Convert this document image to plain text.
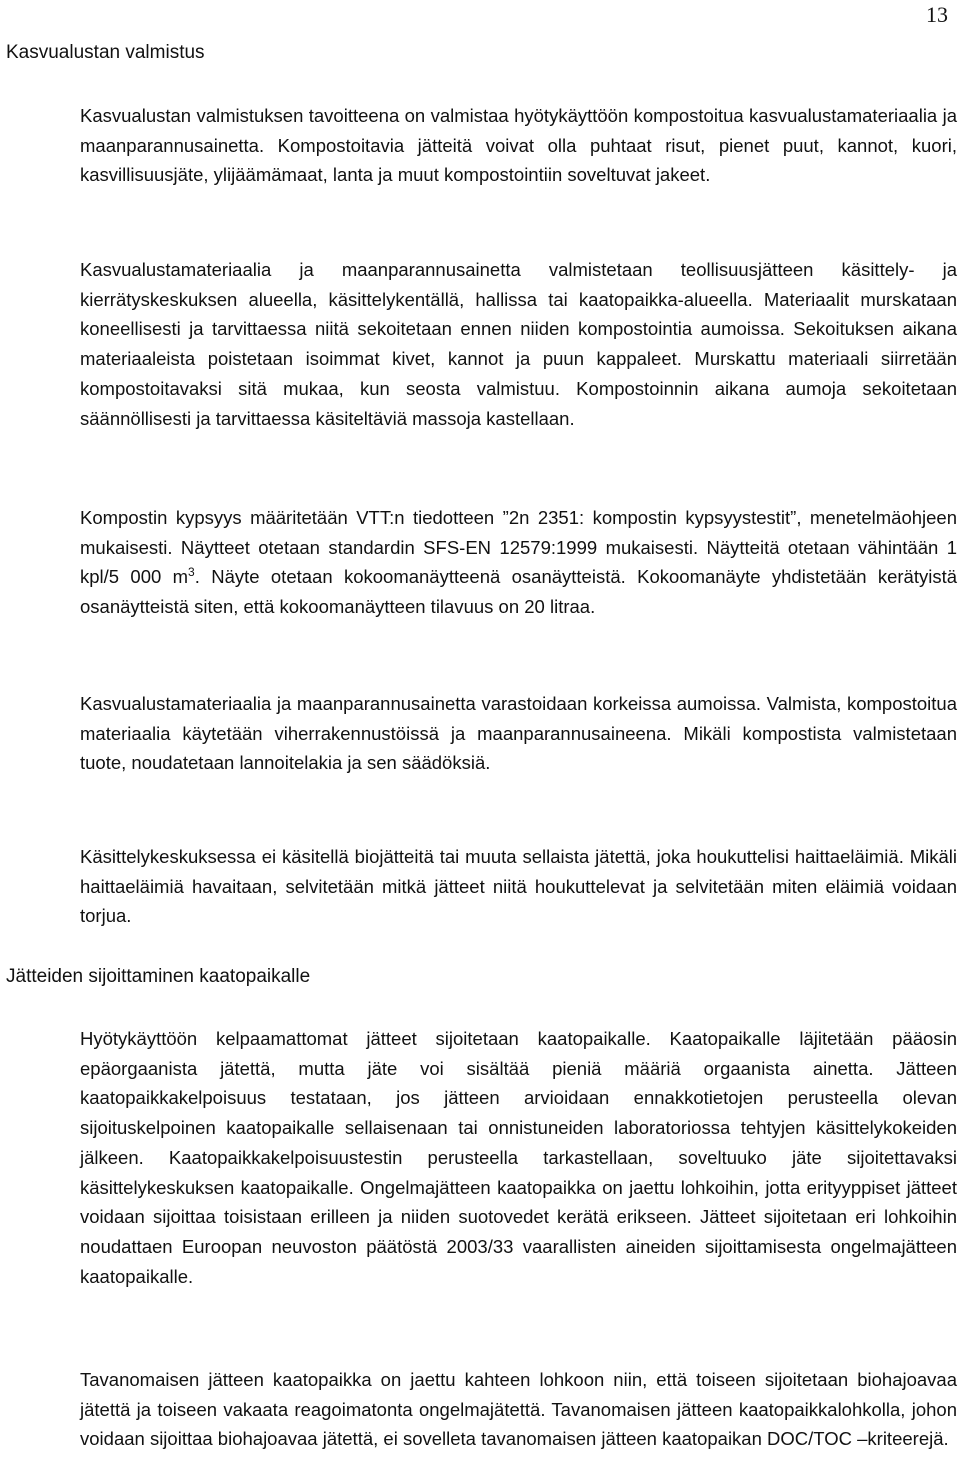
13
Kasvualustan valmistus

Kasvualustan valmistuksen tavoitteena on valmistaa hyötykäyttöön kompostoitua kasvualustamateriaalia ja maanparannusainetta. Kompostoitavia jätteitä voivat olla puhtaat risut, pienet puut, kannot, kuori, kasvillisuusjäte, ylijäämämaat, lanta ja muut kompostointiin soveltuvat jakeet.

Kasvualustamateriaalia ja maanparannusainetta valmistetaan teollisuusjätteen käsittely- ja kierrätyskeskuksen alueella, käsittelykentällä, hallissa tai kaatopaikka-alueella. Materiaalit murskataan koneellisesti ja tarvittaessa niitä sekoitetaan ennen niiden kompostointia aumoissa. Sekoituksen aikana materiaaleista poistetaan isoimmat kivet, kannot ja puun kappaleet. Murskattu materiaali siirretään kompostoitavaksi sitä mukaa, kun seosta valmistuu. Kompostoinnin aikana aumoja sekoitetaan säännöllisesti ja tarvittaessa käsiteltäviä massoja kastellaan.

Kompostin kypsyys määritetään VTT:n tiedotteen ”2n 2351: kompostin kypsyystestit”, menetelmäohjeen mukaisesti. Näytteet otetaan standardin SFS-EN 12579:1999 mukaisesti. Näytteitä otetaan vähintään 1 kpl/5 000 $m^3$. Näyte otetaan kokoomanäytteenä osanäytteistä. Kokoomanäyte yhdistetään kerätyistä osanäytteistä siten, että kokoomanäytteen tilavuus on 20 litraa.

Kasvualustamateriaalia ja maanparannusainetta varastoidaan korkeissa aumoissa. Valmista, kompostoitua materiaalia käytetään viherrakennustöissä ja maanparannusaineena. Mikäli kompostista valmistetaan tuote, noudatetaan lannoitelakia ja sen säädöksiä.

Käsittelykeskuksessa ei käsitellä biojätteitä tai muuta sellaista jätettä, joka houkuttelisi haittaeläimiä. Mikäli haittaeläimiä havaitaan, selvitetään mitkä jätteet niitä houkuttelevat ja selvitetään miten eläimiä voidaan torjua.

Jätteiden sijoittaminen kaatopaikalle

Hyötykäyttöön kelpaamattomat jätteet sijoitetaan kaatopaikalle. Kaatopaikalle läjitetään pääosin epäorgaanista jätettä, mutta jäte voi sisältää pieniä määriä orgaanista ainetta. Jätteen kaatopaikkakelpoisuus testataan, jos jätteen arvioidaan ennakkotietojen perusteella olevan sijoituskelpoinen kaatopaikalle sellaisenaan tai onnistuneiden laboratoriossa tehtyjen käsittelykokeiden jälkeen. Kaatopaikkakelpoisuustestin perusteella tarkastellaan, soveltuuko jäte sijoitettavaksi käsittelykeskuksen kaatopaikalle. Ongelmajätteen kaatopaikka on jaettu lohkoihin, jotta erityyppiset jätteet voidaan sijoittaa toisistaan erilleen ja niiden suotovedet kerätä erikseen. Jätteet sijoitetaan eri lohkoihin noudattaen Euroopan neuvoston päätöstä 2003/33 vaarallisten aineiden sijoittamisesta ongelmajätteen kaatopaikalle.

Tavanomaisen jätteen kaatopaikka on jaettu kahteen lohkoon niin, että toiseen sijoitetaan biohajoavaa jätettä ja toiseen vakaata reagoimatonta ongelmajätettä. Tavanomaisen jätteen kaatopaikkalohkolla, johon voidaan sijoittaa biohajoavaa jätettä, ei sovelleta tavanomaisen jätteen kaatopaikan DOC/TOC –kriteerejä.
